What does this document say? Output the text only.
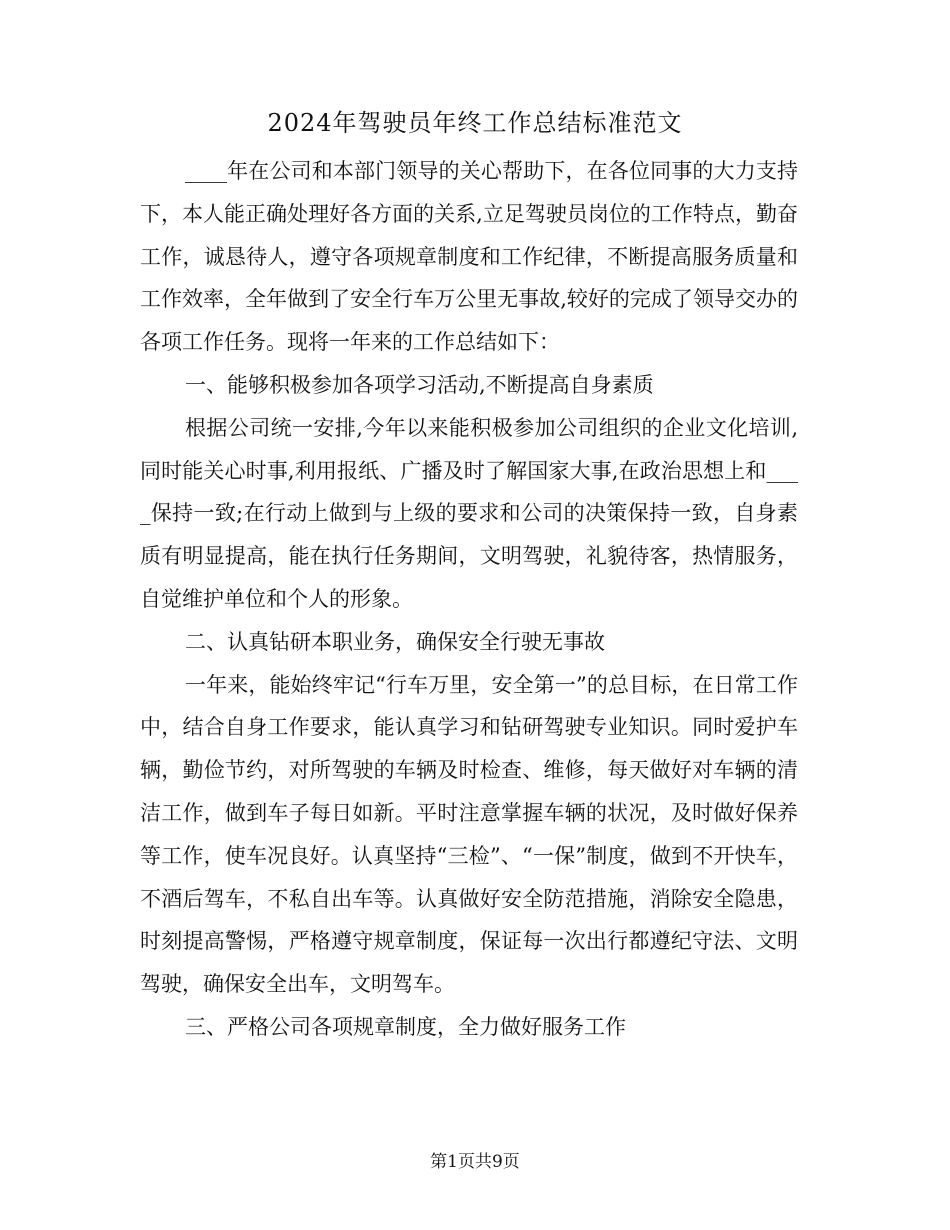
2024年驾驶员年终工作总结标准范文

____年在公司和本部门领导的关心帮助下，在各位同事的大力支持下，本人能正确处理好各方面的关系,立足驾驶员岗位的工作特点，勤奋工作，诚恳待人，遵守各项规章制度和工作纪律，不断提高服务质量和工作效率，全年做到了安全行车万公里无事故,较好的完成了领导交办的各项工作任务。现将一年来的工作总结如下：

一、能够积极参加各项学习活动,不断提高自身素质

根据公司统一安排,今年以来能积极参加公司组织的企业文化培训,同时能关心时事,利用报纸、广播及时了解国家大事,在政治思想上和____保持一致;在行动上做到与上级的要求和公司的决策保持一致，自身素质有明显提高，能在执行任务期间，文明驾驶，礼貌待客，热情服务，自觉维护单位和个人的形象。

二、认真钻研本职业务，确保安全行驶无事故

一年来，能始终牢记“行车万里，安全第一”的总目标，在日常工作中，结合自身工作要求，能认真学习和钻研驾驶专业知识。同时爱护车辆，勤俭节约，对所驾驶的车辆及时检查、维修，每天做好对车辆的清洁工作，做到车子每日如新。平时注意掌握车辆的状况，及时做好保养等工作，使车况良好。认真坚持“三检”、“一保”制度，做到不开快车，不酒后驾车，不私自出车等。认真做好安全防范措施，消除安全隐患，时刻提高警惕，严格遵守规章制度，保证每一次出行都遵纪守法、文明驾驶，确保安全出车，文明驾车。

三、严格公司各项规章制度，全力做好服务工作

第1页共9页
